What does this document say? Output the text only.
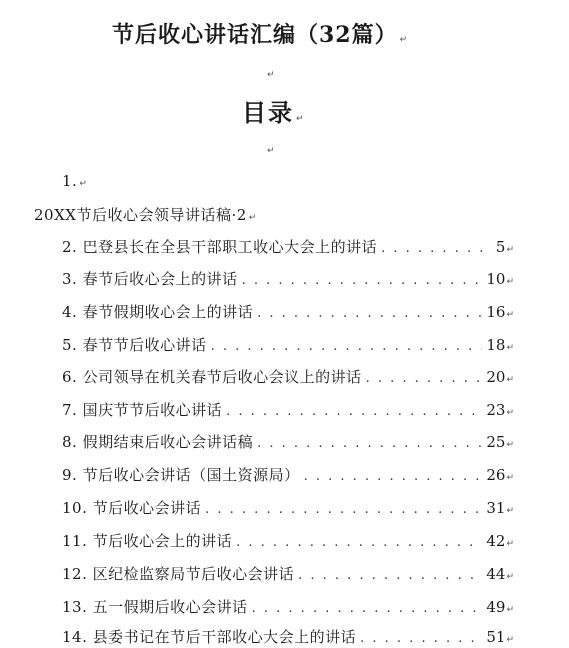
节后收心讲话汇编（32篇） ↵
↵
目录 ↵
↵
1. ↵
20XX节后收心会领导讲话稿·2 ↵
2. 巴登县长在全县干部职工收心大会上的讲话 . . .	5 ↵
3. 春节后收心会上的讲话 . . .	10 ↵
4. 春节假期收心会上的讲话 . . .	16 ↵
5. 春节节后收心讲话 . . .	18 ↵
6. 公司领导在机关春节后收心会议上的讲话 . . .	20 ↵
7. 国庆节节后收心讲话 . . .	23 ↵
8. 假期结束后收心会讲话稿 . . .	25 ↵
9. 节后收心会讲话（国土资源局） . . .	26 ↵
10. 节后收心会讲话 . . .	31 ↵
11. 节后收心会上的讲话 . . .	42 ↵
12. 区纪检监察局节后收心会讲话 . . .	44 ↵
13. 五一假期后收心会讲话 . . .	49 ↵
14. 县委书记在节后干部收心大会上的讲话 . . .	51 ↵
